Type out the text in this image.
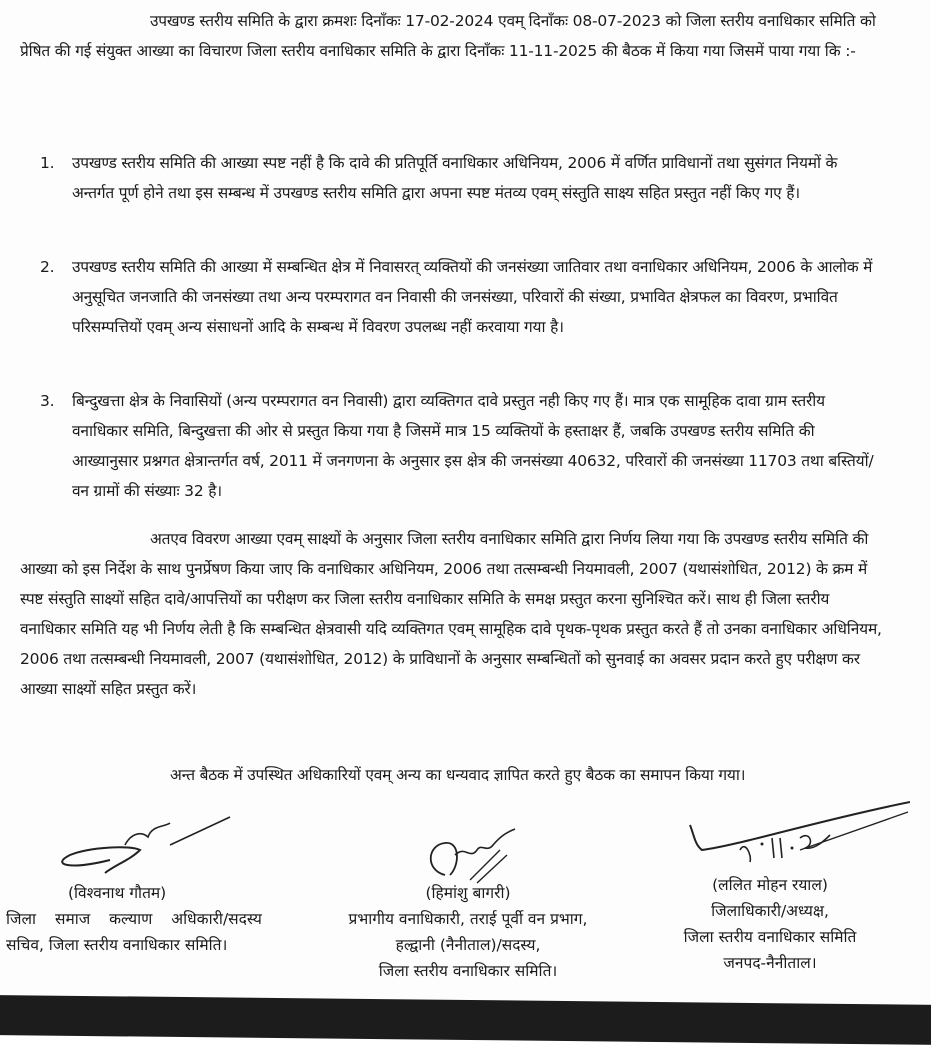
उपखण्ड स्तरीय समिति के द्वारा क्रमशः दिनाँकः 17-02-2024 एवम् दिनाँकः 08-07-2023 को जिला स्तरीय वनाधिकार समिति को प्रेषित की गई संयुक्त आख्या का विचारण जिला स्तरीय वनाधिकार समिति के द्वारा दिनाँकः 11-11-2025 की बैठक में किया गया जिसमें पाया गया कि :-

1.	उपखण्ड स्तरीय समिति की आख्या स्पष्ट नहीं है कि दावे की प्रतिपूर्ति वनाधिकार अधिनियम, 2006 में वर्णित प्राविधानों तथा सुसंगत नियमों के अन्तर्गत पूर्ण होने तथा इस सम्बन्ध में उपखण्ड स्तरीय समिति द्वारा अपना स्पष्ट मंतव्य एवम् संस्तुति साक्ष्य सहित प्रस्तुत नहीं किए गए हैं।
2.	उपखण्ड स्तरीय समिति की आख्या में सम्बन्धित क्षेत्र में निवासरत् व्यक्तियों की जनसंख्या जातिवार तथा वनाधिकार अधिनियम, 2006 के आलोक में अनुसूचित जनजाति की जनसंख्या तथा अन्य परम्परागत वन निवासी की जनसंख्या, परिवारों की संख्या, प्रभावित क्षेत्रफल का विवरण, प्रभावित परिसम्पत्तियों एवम् अन्य संसाधनों आदि के सम्बन्ध में विवरण उपलब्ध नहीं करवाया गया है।
3.	बिन्दुखत्ता क्षेत्र के निवासियों (अन्य परम्परागत वन निवासी) द्वारा व्यक्तिगत दावे प्रस्तुत नही किए गए हैं। मात्र एक सामूहिक दावा ग्राम स्तरीय वनाधिकार समिति, बिन्दुखत्ता की ओर से प्रस्तुत किया गया है जिसमें मात्र 15 व्यक्तियों के हस्ताक्षर हैं, जबकि उपखण्ड स्तरीय समिति की आख्यानुसार प्रश्नगत क्षेत्रान्तर्गत वर्ष, 2011 में जनगणना के अनुसार इस क्षेत्र की जनसंख्या 40632, परिवारों की जनसंख्या 11703 तथा बस्तियों/वन ग्रामों की संख्याः 32 है।

अतएव विवरण आख्या एवम् साक्ष्यों के अनुसार जिला स्तरीय वनाधिकार समिति द्वारा निर्णय लिया गया कि उपखण्ड स्तरीय समिति की आख्या को इस निर्देश के साथ पुनर्प्रेषण किया जाए कि वनाधिकार अधिनियम, 2006 तथा तत्सम्बन्धी नियमावली, 2007 (यथासंशोधित, 2012) के क्रम में स्पष्ट संस्तुति साक्ष्यों सहित दावे/आपत्तियों का परीक्षण कर जिला स्तरीय वनाधिकार समिति के समक्ष प्रस्तुत करना सुनिश्चित करें। साथ ही जिला स्तरीय वनाधिकार समिति यह भी निर्णय लेती है कि सम्बन्धित क्षेत्रवासी यदि व्यक्तिगत एवम् सामूहिक दावे पृथक-पृथक प्रस्तुत करते हैं तो उनका वनाधिकार अधिनियम, 2006 तथा तत्सम्बन्धी नियमावली, 2007 (यथासंशोधित, 2012) के प्राविधानों के अनुसार सम्बन्धितों को सुनवाई का अवसर प्रदान करते हुए परीक्षण कर आख्या साक्ष्यों सहित प्रस्तुत करें।

अन्त बैठक में उपस्थित अधिकारियों एवम् अन्य का धन्यवाद ज्ञापित करते हुए बैठक का समापन किया गया।

(विश्वनाथ गौतम)
जिला समाज कल्याण अधिकारी/सदस्य
सचिव, जिला स्तरीय वनाधिकार समिति।
(हिमांशु बागरी)
प्रभागीय वनाधिकारी, तराई पूर्वी वन प्रभाग,
हल्द्वानी (नैनीताल)/सदस्य,
जिला स्तरीय वनाधिकार समिति।
(ललित मोहन रयाल)
जिलाधिकारी/अध्यक्ष,
जिला स्तरीय वनाधिकार समिति
जनपद-नैनीताल।
